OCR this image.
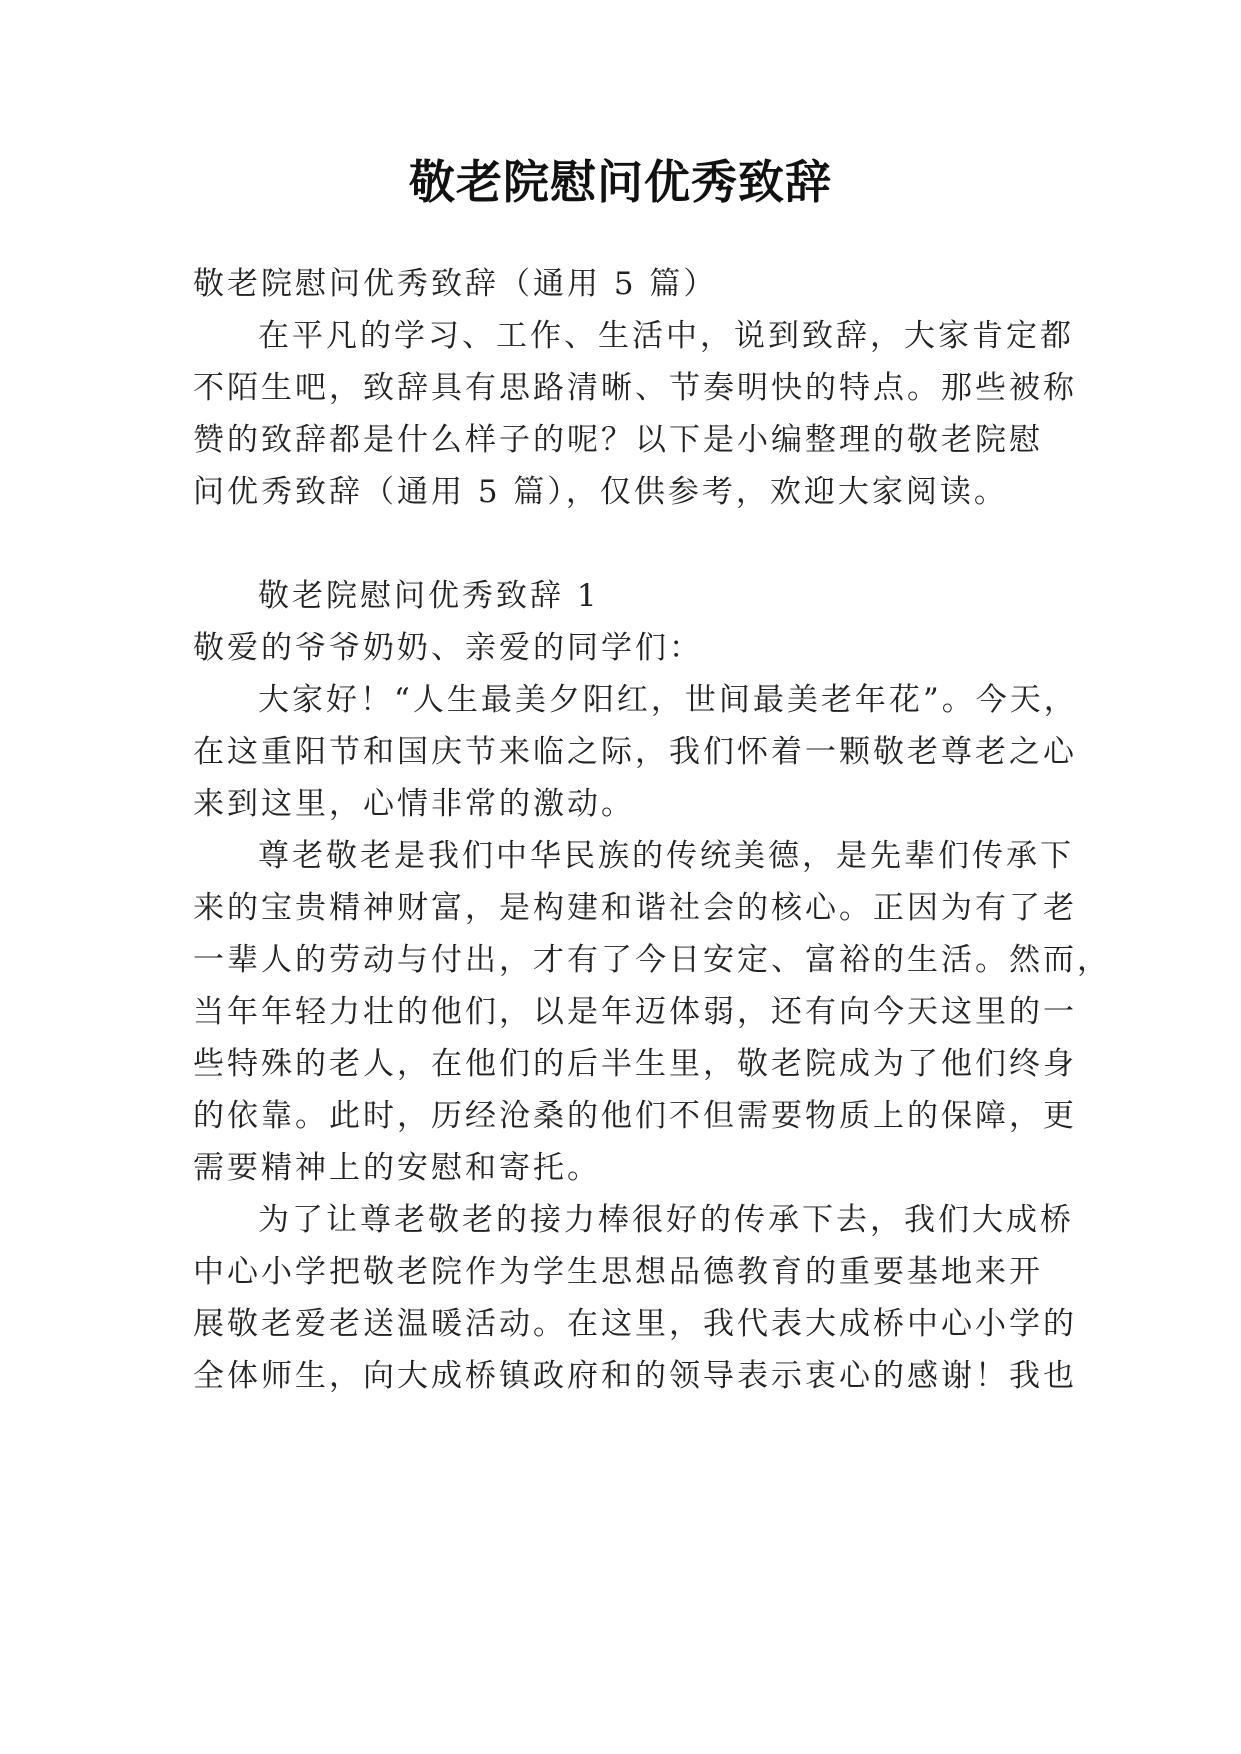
敬老院慰问优秀致辞
敬老院慰问优秀致辞（通用 5 篇）
在平凡的学习、工作、生活中，说到致辞，大家肯定都
不陌生吧，致辞具有思路清晰、节奏明快的特点。那些被称
赞的致辞都是什么样子的呢？以下是小编整理的敬老院慰
问优秀致辞（通用 5 篇），仅供参考，欢迎大家阅读。
敬老院慰问优秀致辞 1
敬爱的爷爷奶奶、亲爱的同学们：
大家好！“人生最美夕阳红，世间最美老年花”。今天，
在这重阳节和国庆节来临之际，我们怀着一颗敬老尊老之心
来到这里，心情非常的激动。
尊老敬老是我们中华民族的传统美德，是先辈们传承下
来的宝贵精神财富，是构建和谐社会的核心。正因为有了老
一辈人的劳动与付出，才有了今日安定、富裕的生活。然而，
当年年轻力壮的他们，以是年迈体弱，还有向今天这里的一
些特殊的老人，在他们的后半生里，敬老院成为了他们终身
的依靠。此时，历经沧桑的他们不但需要物质上的保障，更
需要精神上的安慰和寄托。
为了让尊老敬老的接力棒很好的传承下去，我们大成桥
中心小学把敬老院作为学生思想品德教育的重要基地来开
展敬老爱老送温暖活动。在这里，我代表大成桥中心小学的
全体师生，向大成桥镇政府和的领导表示衷心的感谢！我也
